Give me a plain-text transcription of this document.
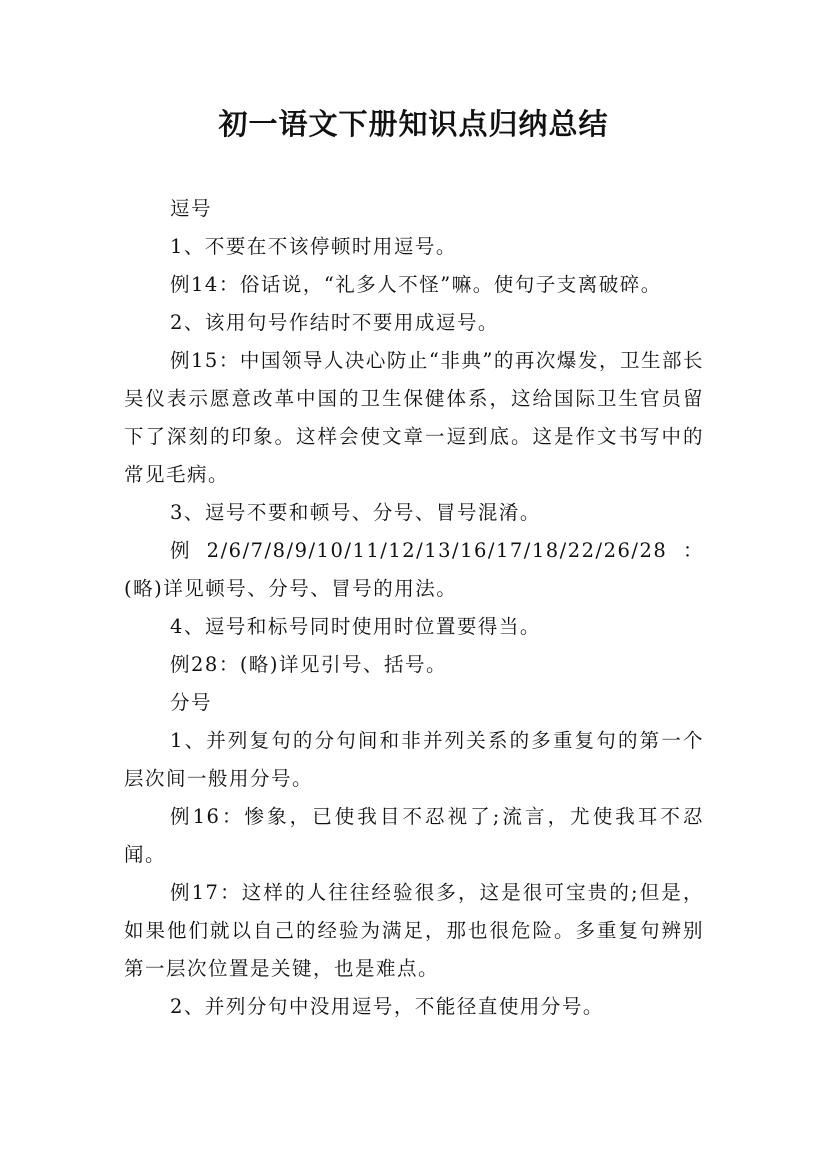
初一语文下册知识点归纳总结

逗号

1、不要在不该停顿时用逗号。

例14：俗话说，“礼多人不怪”嘛。使句子支离破碎。

2、该用句号作结时不要用成逗号。

例15：中国领导人决心防止“非典”的再次爆发，卫生部长吴仪表示愿意改革中国的卫生保健体系，这给国际卫生官员留下了深刻的印象。这样会使文章一逗到底。这是作文书写中的常见毛病。

3、逗号不要和顿号、分号、冒号混淆。

例2/6/7/8/9/10/11/12/13/16/17/18/22/26/28：(略)详见顿号、分号、冒号的用法。

4、逗号和标号同时使用时位置要得当。

例28：(略)详见引号、括号。

分号

1、并列复句的分句间和非并列关系的多重复句的第一个层次间一般用分号。

例16：惨象，已使我目不忍视了;流言，尤使我耳不忍闻。

例17：这样的人往往经验很多，这是很可宝贵的;但是，如果他们就以自己的经验为满足，那也很危险。多重复句辨别第一层次位置是关键，也是难点。

2、并列分句中没用逗号，不能径直使用分号。
